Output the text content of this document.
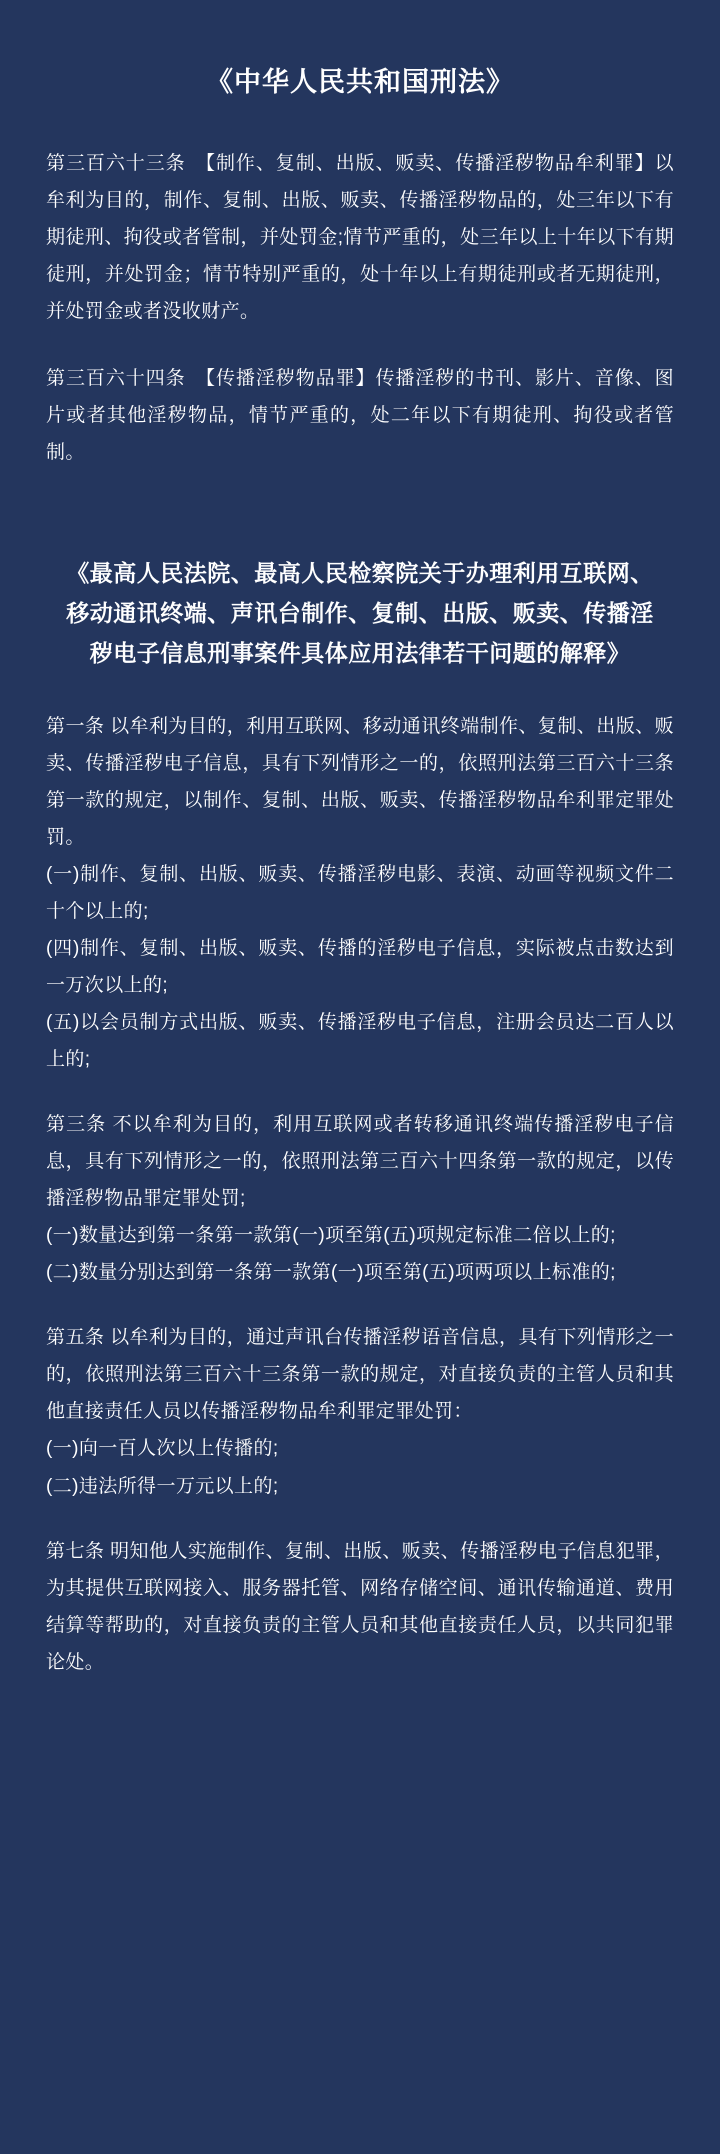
《中华人民共和国刑法》

第三百六十三条　【制作、复制、出版、贩卖、传播淫秽物品牟利罪】以牟利为目的，制作、复制、出版、贩卖、传播淫秽物品的，处三年以下有期徒刑、拘役或者管制，并处罚金;情节严重的，处三年以上十年以下有期徒刑，并处罚金；情节特别严重的，处十年以上有期徒刑或者无期徒刑，并处罚金或者没收财产。

第三百六十四条　【传播淫秽物品罪】传播淫秽的书刊、影片、音像、图片或者其他淫秽物品，情节严重的，处二年以下有期徒刑、拘役或者管制。

《最高人民法院、最高人民检察院关于办理利用互联网、移动通讯终端、声讯台制作、复制、出版、贩卖、传播淫秽电子信息刑事案件具体应用法律若干问题的解释》

第一条 以牟利为目的，利用互联网、移动通讯终端制作、复制、出版、贩卖、传播淫秽电子信息，具有下列情形之一的，依照刑法第三百六十三条第一款的规定，以制作、复制、出版、贩卖、传播淫秽物品牟利罪定罪处罚。

(一)制作、复制、出版、贩卖、传播淫秽电影、表演、动画等视频文件二十个以上的;

(四)制作、复制、出版、贩卖、传播的淫秽电子信息，实际被点击数达到一万次以上的;

(五)以会员制方式出版、贩卖、传播淫秽电子信息，注册会员达二百人以上的;

第三条 不以牟利为目的，利用互联网或者转移通讯终端传播淫秽电子信息，具有下列情形之一的，依照刑法第三百六十四条第一款的规定，以传播淫秽物品罪定罪处罚;

(一)数量达到第一条第一款第(一)项至第(五)项规定标准二倍以上的;

(二)数量分别达到第一条第一款第(一)项至第(五)项两项以上标准的;

第五条 以牟利为目的，通过声讯台传播淫秽语音信息，具有下列情形之一的，依照刑法第三百六十三条第一款的规定，对直接负责的主管人员和其他直接责任人员以传播淫秽物品牟利罪定罪处罚：

(一)向一百人次以上传播的;

(二)违法所得一万元以上的;

第七条 明知他人实施制作、复制、出版、贩卖、传播淫秽电子信息犯罪，为其提供互联网接入、服务器托管、网络存储空间、通讯传输通道、费用结算等帮助的，对直接负责的主管人员和其他直接责任人员，以共同犯罪论处。
